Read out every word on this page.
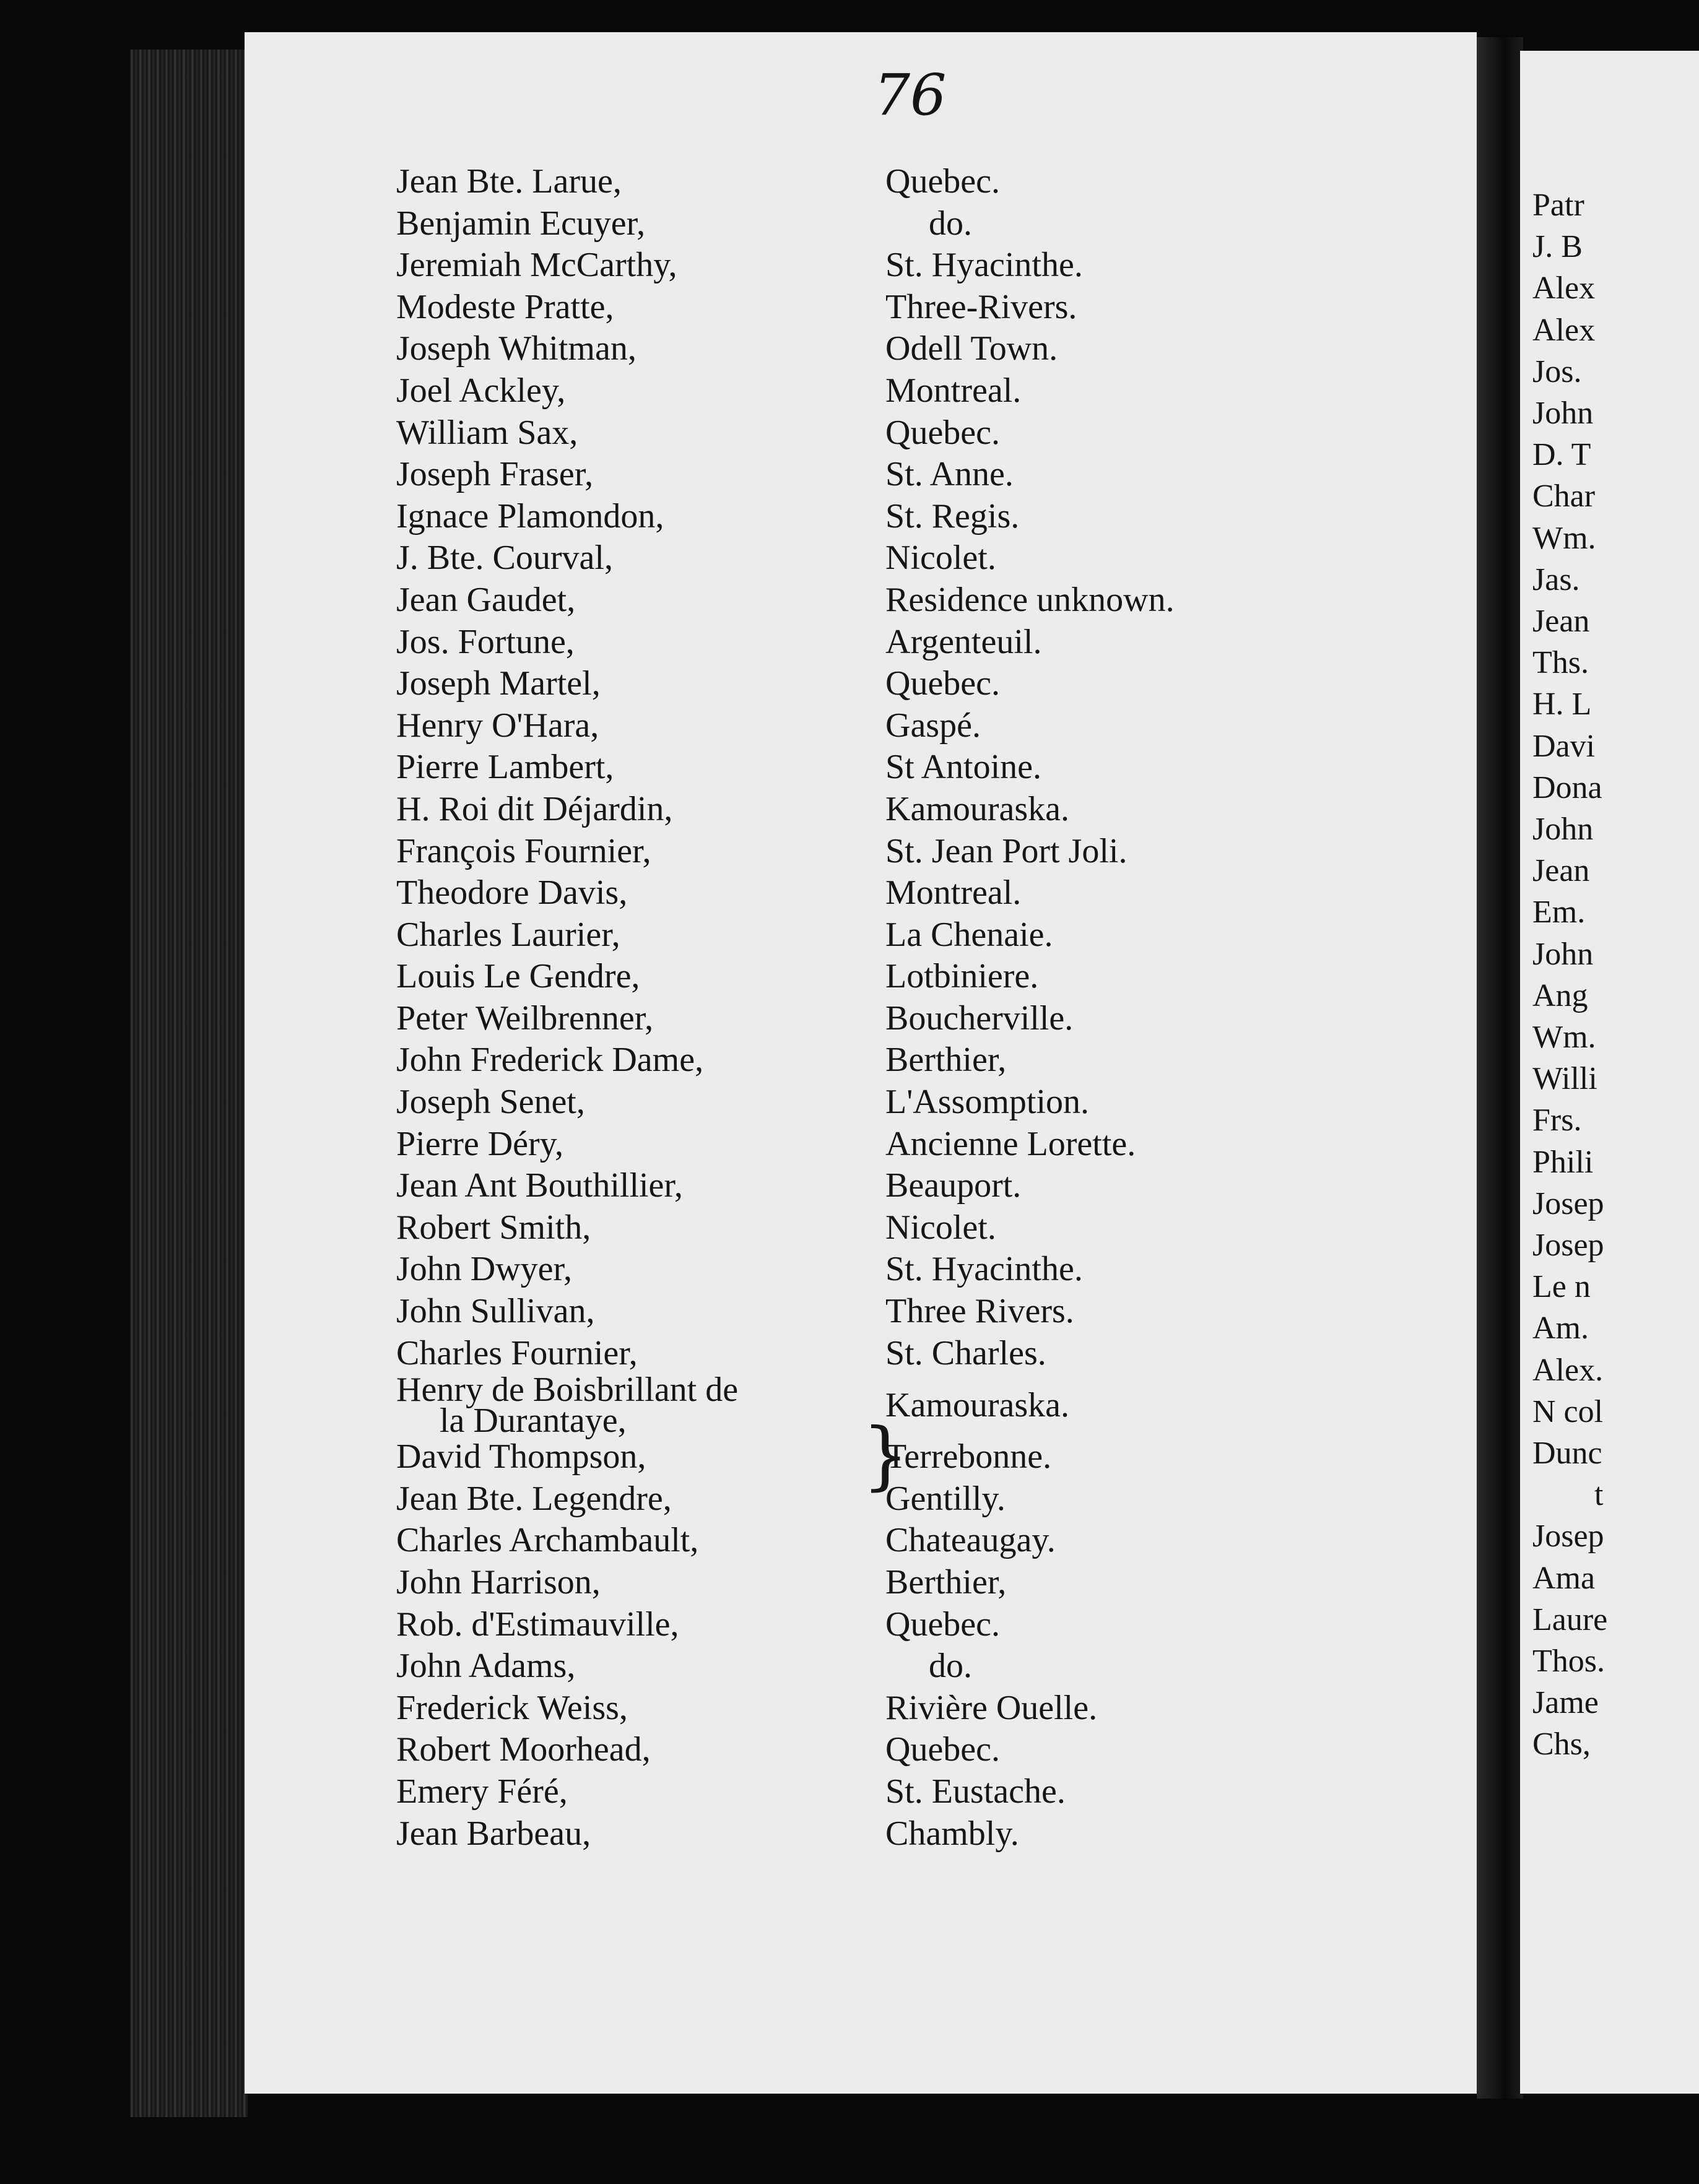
76
Jean Bte. Larue,
Benjamin Ecuyer,
Jeremiah McCarthy,
Modeste Pratte,
Joseph Whitman,
Joel Ackley,
William Sax,
Joseph Fraser,
Ignace Plamondon,
J. Bte. Courval,
Jean Gaudet,
Jos. Fortune,
Joseph Martel,
Henry O'Hara,
Pierre Lambert,
H. Roi dit Déjardin,
François Fournier,
Theodore Davis,
Charles Laurier,
Louis Le Gendre,
Peter Weilbrenner,
John Frederick Dame,
Joseph Senet,
Pierre Déry,
Jean Ant Bouthillier,
Robert Smith,
John Dwyer,
John Sullivan,
Charles Fournier,
Henry de Boisbrillant de
la Durantaye,
David Thompson,
Jean Bte. Legendre,
Charles Archambault,
John Harrison,
Rob. d'Estimauville,
John Adams,
Frederick Weiss,
Robert Moorhead,
Emery Féré,
Jean Barbeau,
Quebec.
do.
St. Hyacinthe.
Three-Rivers.
Odell Town.
Montreal.
Quebec.
St. Anne.
St. Regis.
Nicolet.
Residence unknown.
Argenteuil.
Quebec.
Gaspé.
St Antoine.
Kamouraska.
St. Jean Port Joli.
Montreal.
La Chenaie.
Lotbiniere.
Boucherville.
Berthier,
L'Assomption.
Ancienne Lorette.
Beauport.
Nicolet.
St. Hyacinthe.
Three Rivers.
St. Charles.
Kamouraska.
Terrebonne.
Gentilly.
Chateaugay.
Berthier,
Quebec.
do.
Rivière Ouelle.
Quebec.
St. Eustache.
Chambly.
}
Patr
J. B
Alex
Alex
Jos.
John
D. T
Char
Wm.
Jas.
Jean
Ths.
H. L
Davi
Dona
John
Jean
Em.
John
Ang
Wm.
Willi
Frs.
Phili
Josep
Josep
Le n
Am.
Alex.
N col
Dunc
t
Josep
Ama
Laure
Thos.
Jame
Chs,
